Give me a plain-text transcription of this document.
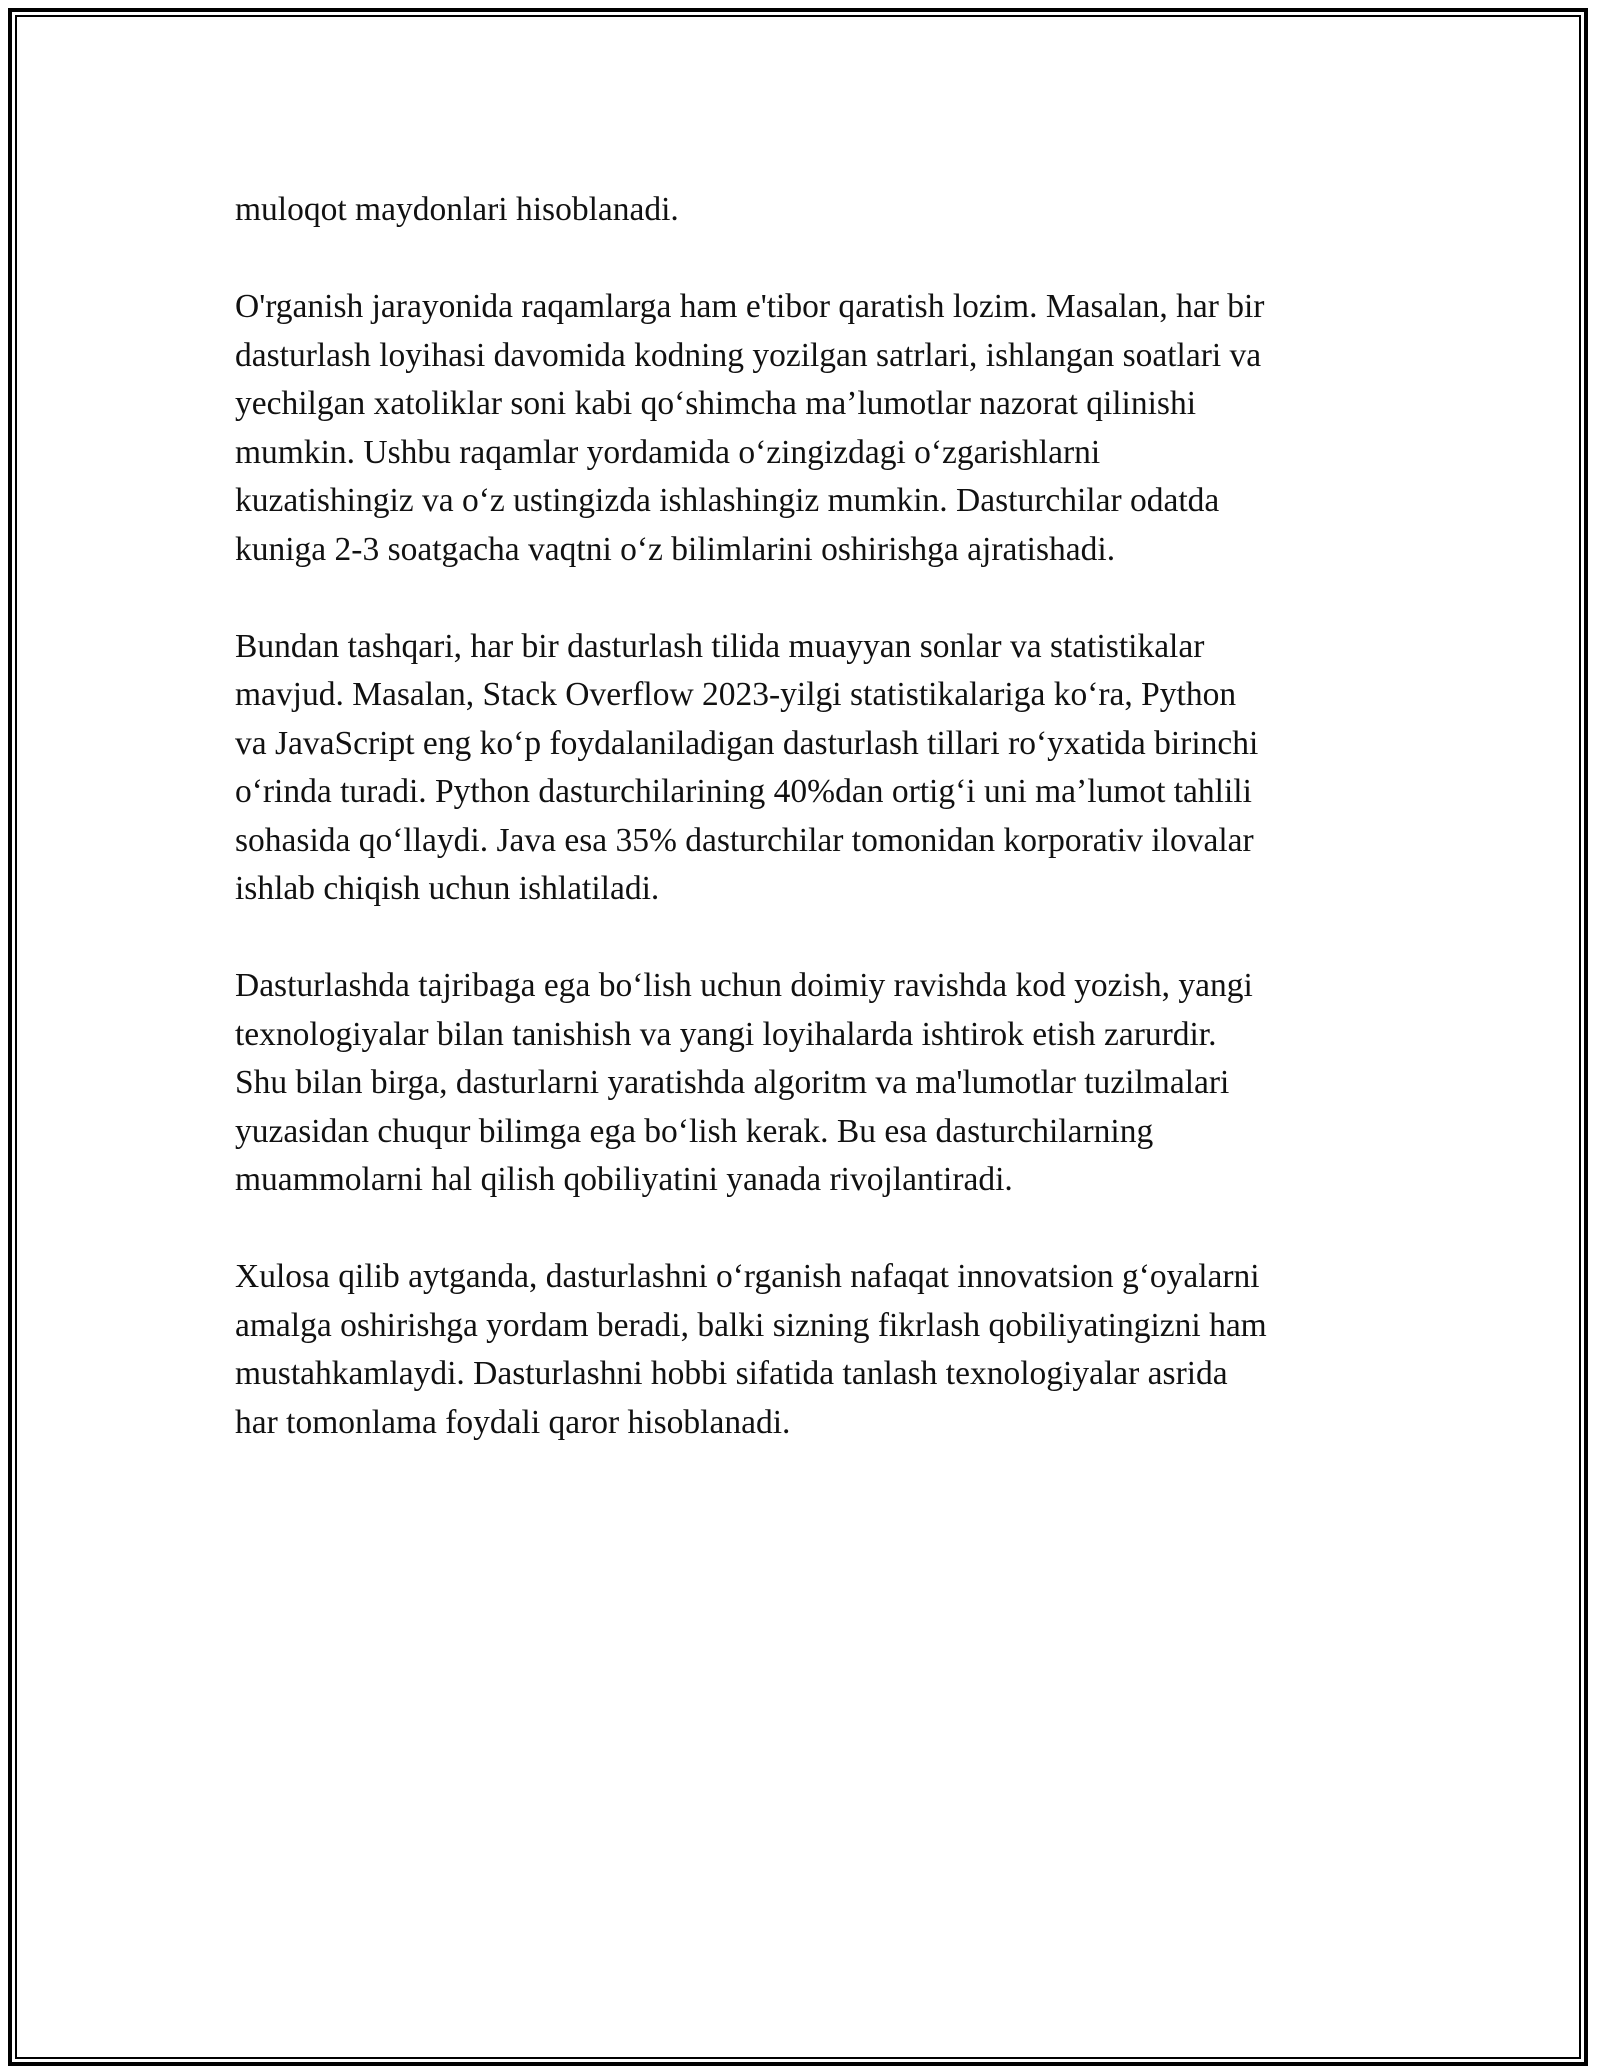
muloqot maydonlari hisoblanadi.

O'rganish jarayonida raqamlarga ham e'tibor qaratish lozim. Masalan, har bir
dasturlash loyihasi davomida kodning yozilgan satrlari, ishlangan soatlari va
yechilgan xatoliklar soni kabi qo‘shimcha ma’lumotlar nazorat qilinishi
mumkin. Ushbu raqamlar yordamida o‘zingizdagi o‘zgarishlarni
kuzatishingiz va o‘z ustingizda ishlashingiz mumkin. Dasturchilar odatda
kuniga 2-3 soatgacha vaqtni o‘z bilimlarini oshirishga ajratishadi.

Bundan tashqari, har bir dasturlash tilida muayyan sonlar va statistikalar
mavjud. Masalan, Stack Overflow 2023-yilgi statistikalariga ko‘ra, Python
va JavaScript eng ko‘p foydalaniladigan dasturlash tillari ro‘yxatida birinchi
o‘rinda turadi. Python dasturchilarining 40%dan ortig‘i uni ma’lumot tahlili
sohasida qo‘llaydi. Java esa 35% dasturchilar tomonidan korporativ ilovalar
ishlab chiqish uchun ishlatiladi.

Dasturlashda tajribaga ega bo‘lish uchun doimiy ravishda kod yozish, yangi
texnologiyalar bilan tanishish va yangi loyihalarda ishtirok etish zarurdir.
Shu bilan birga, dasturlarni yaratishda algoritm va ma'lumotlar tuzilmalari
yuzasidan chuqur bilimga ega bo‘lish kerak. Bu esa dasturchilarning
muammolarni hal qilish qobiliyatini yanada rivojlantiradi.

Xulosa qilib aytganda, dasturlashni o‘rganish nafaqat innovatsion g‘oyalarni
amalga oshirishga yordam beradi, balki sizning fikrlash qobiliyatingizni ham
mustahkamlaydi. Dasturlashni hobbi sifatida tanlash texnologiyalar asrida
har tomonlama foydali qaror hisoblanadi.
